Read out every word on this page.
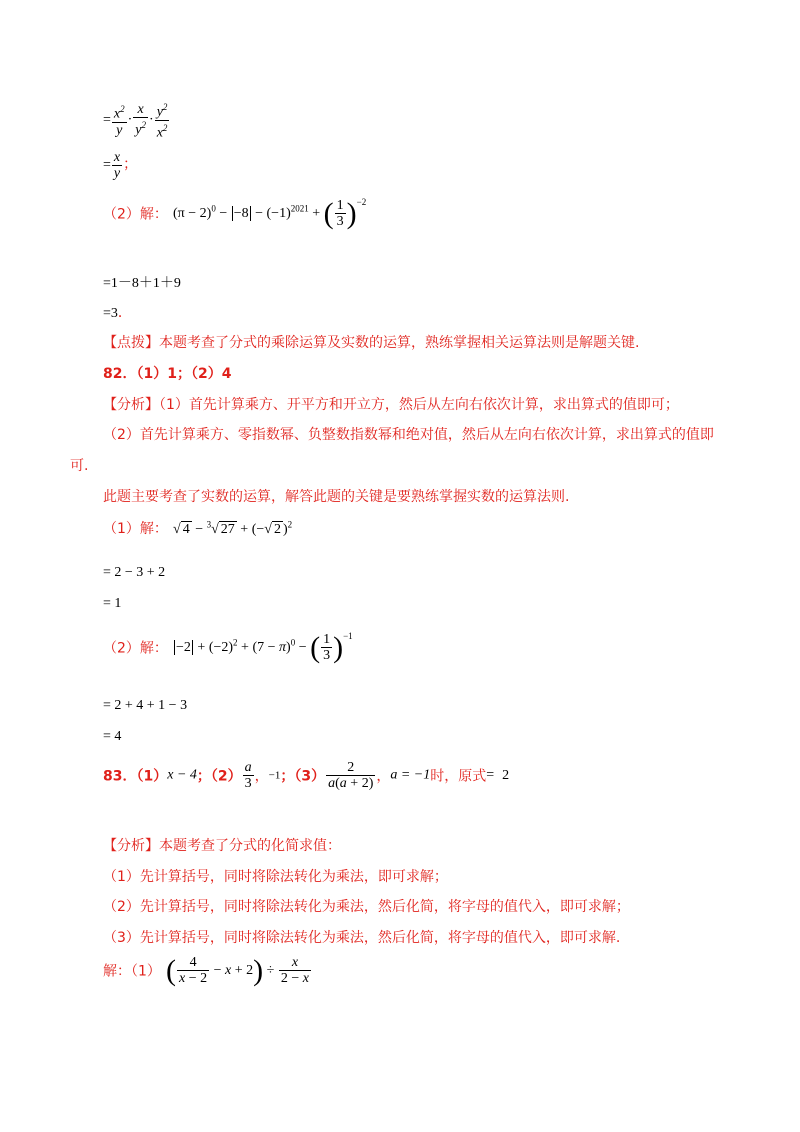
= $\frac{x^2}{y} \cdot \frac{x}{y^2} \cdot \frac{y^2}{x^2}$
= $\frac{x}{y}$ ；
（2）解： $(\pi - 2)^0 - -8 - (-1)^{2021}$ + ( $\frac{1}{3} )^{-2}$
=1－8＋1＋9
=3．
【点拨】本题考查了分式的乘除运算及实数的运算，熟练掌握相关运算法则是解题关键.
82．（1）1；（2）4
【分析】（1）首先计算乘方、开平方和开立方，然后从左向右依次计算，求出算式的值即可；
（2）首先计算乘方、零指数幂、负整数指数幂和绝对值，然后从左向右依次计算，求出算式的值即
可.
此题主要考查了实数的运算，解答此题的关键是要熟练掌握实数的运算法则.
（1）解： √ 4 − $^3$√ 27 + (−√ 2 )$^2$
= 2 − 3 + 2
= 1
（2）解： $-2 + (-2)^2 + (7 - \pi)^0$ − ( $\frac{1}{3} )^{-1}$
= 2 + 4 + 1 − 3
= 4
83．（1）x − 4；$(2) \frac{a}{3}$ ，−1；$(3) \frac{2}{a(a + 2)}$ ，a = −1时，原式= 2
【分析】本题考查了分式的化简求值：
（1）先计算括号，同时将除法转化为乘法，即可求解；
（2）先计算括号，同时将除法转化为乘法，然后化简，将字母的值代入，即可求解；
（3）先计算括号，同时将除法转化为乘法，然后化简，将字母的值代入，即可求解.
解：（1） ( $\frac{4}{x - 2} - x + 2) \div \frac{x}{2 - x}$
